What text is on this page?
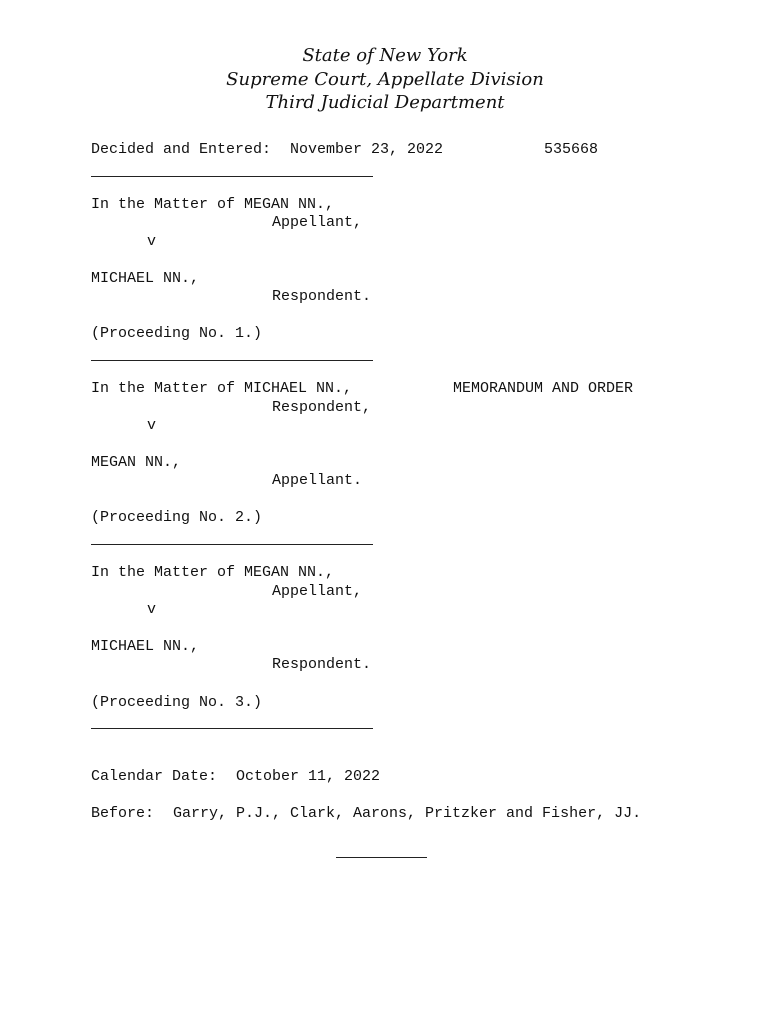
State of New York
Supreme Court, Appellate Division
Third Judicial Department
Decided and Entered: November 23, 2022	535668
In the Matter of MEGAN NN.,
Appellant,
v
MICHAEL NN.,
Respondent.
(Proceeding No. 1.)
In the Matter of MICHAEL NN.,	MEMORANDUM AND ORDER
Respondent,
v
MEGAN NN.,
Appellant.
(Proceeding No. 2.)
In the Matter of MEGAN NN.,
Appellant,
v
MICHAEL NN.,
Respondent.
(Proceeding No. 3.)
Calendar Date: October 11, 2022
Before: Garry, P.J., Clark, Aarons, Pritzker and Fisher, JJ.
